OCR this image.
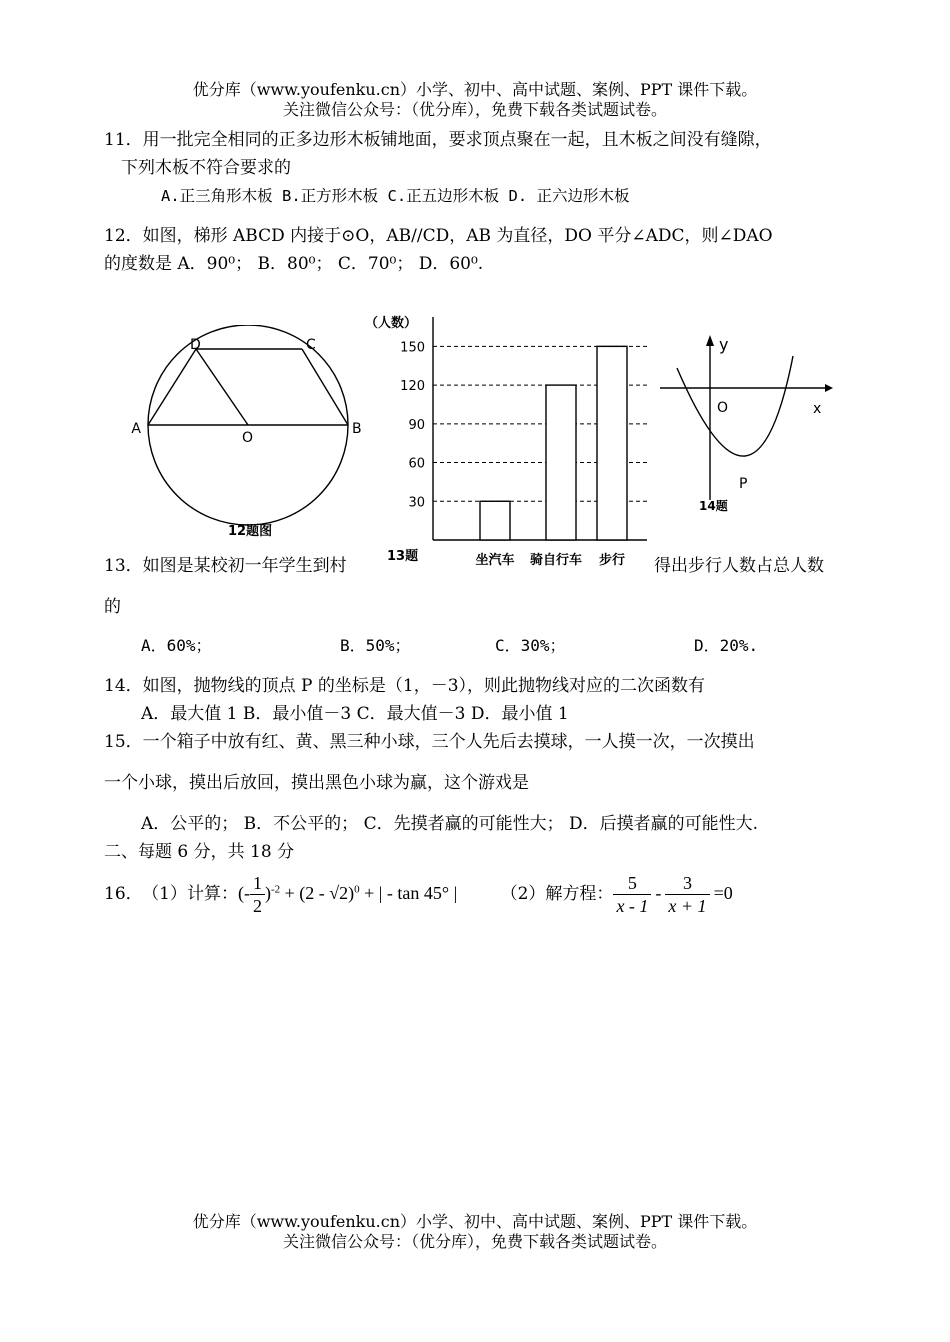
优分库（www.youfenku.cn）小学、初中、高中试题、案例、PPT 课件下载。
关注微信公众号：（优分库），免费下载各类试题试卷。
11．用一批完全相同的正多边形木板铺地面，要求顶点聚在一起，且木板之间没有缝隙，
下列木板不符合要求的
A.正三角形木板 B.正方形木板 C.正五边形木板 D. 正六边形木板
12．如图，梯形 ABCD 内接于⊙O，AB//CD，AB 为直径，DO 平分∠ADC，则∠DAO
的度数是 A．90⁰； B．80⁰； C．70⁰； D．60⁰.
A	B
C
D
O
12题图
（人数）
30
60
90
120
150
坐汽车 骑自行车 步行
13题
y
x
O
P
14题
13．如图是某校初一年学生到村	得出步行人数占总人数
的
A．60%；	B．50%；	C．30%；	D．20%.
14．如图，抛物线的顶点 P 的坐标是（1，－3），则此抛物线对应的二次函数有
A．最大值 1 B．最小值－3 C．最大值－3 D．最小值 1
15．一个箱子中放有红、黄、黑三种小球，三个人先后去摸球，一人摸一次，一次摸出
一个小球，摸出后放回，摸出黑色小球为赢，这个游戏是
A．公平的； B．不公平的； C．先摸者赢的可能性大； D．后摸者赢的可能性大.
二、每题 6 分，共 18 分
16． （1）计算：(- $\frac{1}{2} )^{-2} + (2 - √2)^0$ + | - tan 45° |	（2）解方程： $\frac{5}{x - 1} - \frac{3}{x + 1} =0$
优分库（www.youfenku.cn）小学、初中、高中试题、案例、PPT 课件下载。
关注微信公众号：（优分库），免费下载各类试题试卷。
